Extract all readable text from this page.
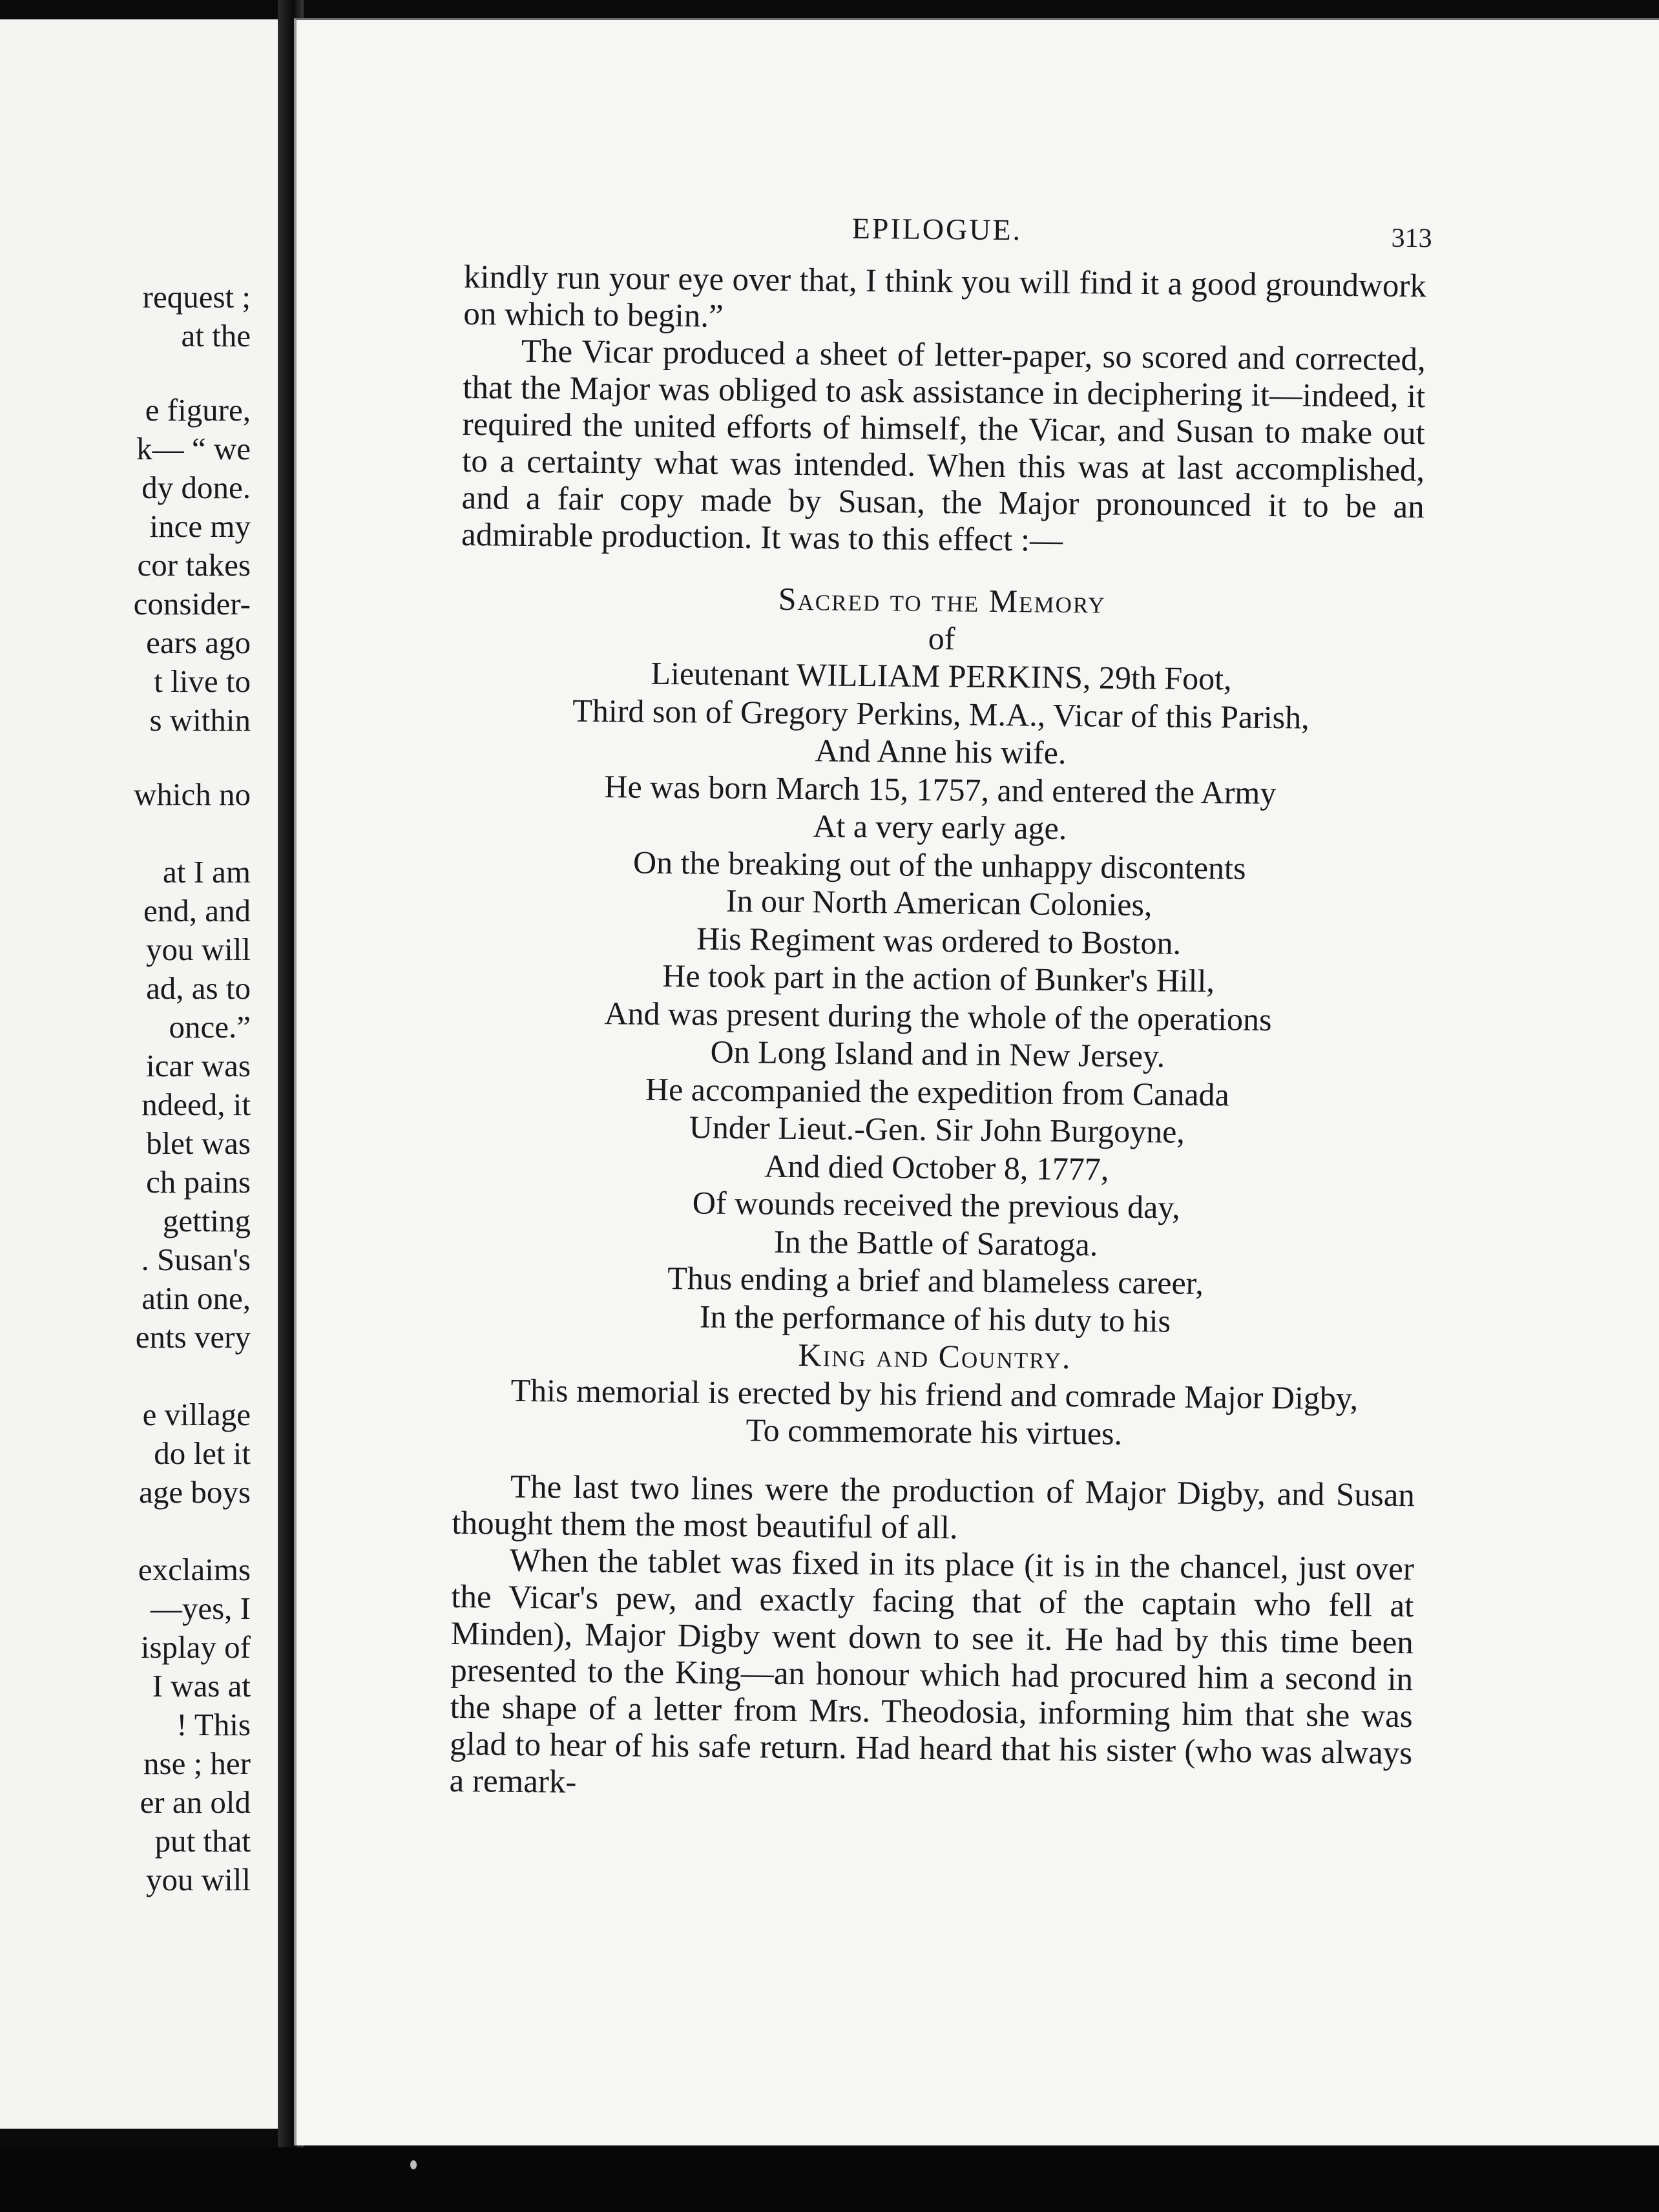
request ;
at the
e figure,
k— “ we
dy done.
ince my
cor takes
consider-
ears ago
t live to
s within
which no
at I am
end, and
you will
ad, as to
once.”
icar was
ndeed, it
blet was
ch pains
getting
. Susan's
atin one,
ents very
e village
do let it
age boys
exclaims
—yes, I
isplay of
I was at
! This
nse ; her
er an old
put that
you will
EPILOGUE.	313

kindly run your eye over that, I think you will find it a good groundwork on which to begin.”

The Vicar produced a sheet of letter-paper, so scored and corrected, that the Major was obliged to ask assistance in deciphering it—indeed, it required the united efforts of himself, the Vicar, and Susan to make out to a certainty what was intended. When this was at last accomplished, and a fair copy made by Susan, the Major pronounced it to be an admirable production. It was to this effect :—

Sacred to the Memory
of
Lieutenant WILLIAM PERKINS, 29th Foot,
Third son of Gregory Perkins, M.A., Vicar of this Parish,
And Anne his wife.
He was born March 15, 1757, and entered the Army
At a very early age.
On the breaking out of the unhappy discontents
In our North American Colonies,
His Regiment was ordered to Boston.
He took part in the action of Bunker's Hill,
And was present during the whole of the operations
On Long Island and in New Jersey.
He accompanied the expedition from Canada
Under Lieut.-Gen. Sir John Burgoyne,
And died October 8, 1777,
Of wounds received the previous day,
In the Battle of Saratoga.
Thus ending a brief and blameless career,
In the performance of his duty to his
King and Country.
This memorial is erected by his friend and comrade Major Digby,
To commemorate his virtues.

The last two lines were the production of Major Digby, and Susan thought them the most beautiful of all.

When the tablet was fixed in its place (it is in the chancel, just over the Vicar's pew, and exactly facing that of the captain who fell at Minden), Major Digby went down to see it. He had by this time been presented to the King—an honour which had procured him a second in the shape of a letter from Mrs. Theodosia, informing him that she was glad to hear of his safe return. Had heard that his sister (who was always a remark-
